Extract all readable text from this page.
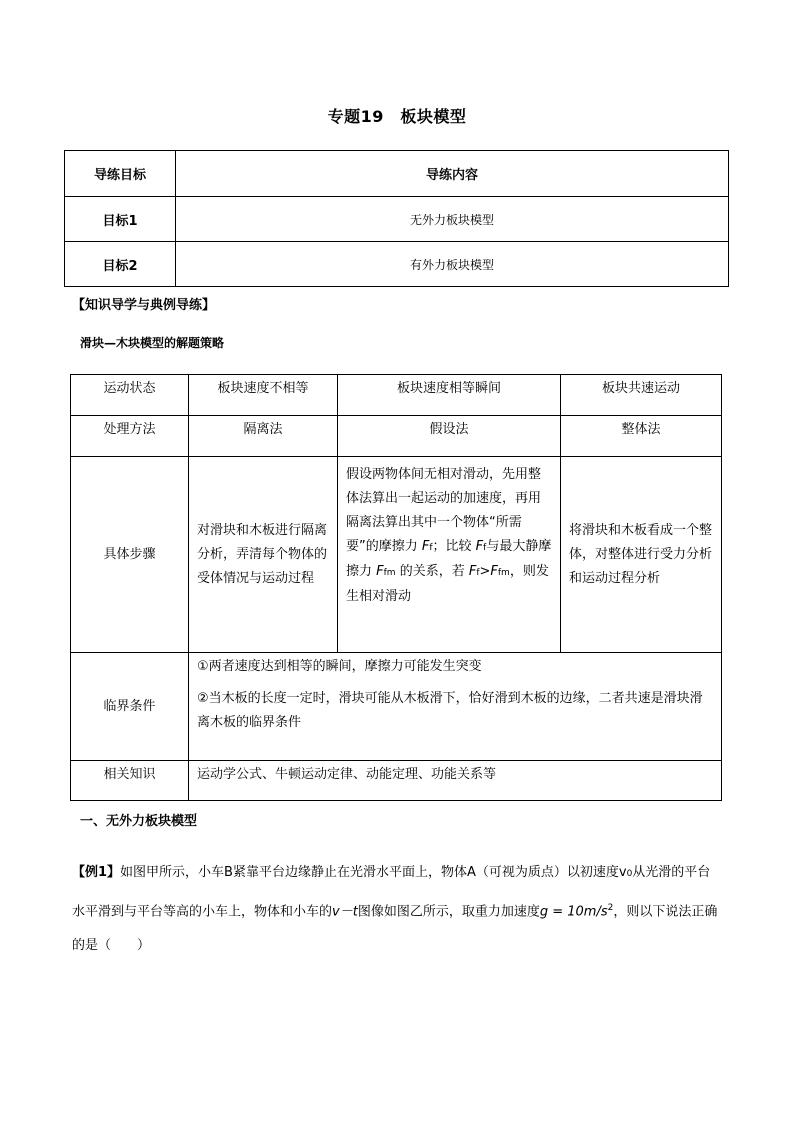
专题19　板块模型
导练目标	导练内容
目标1	无外力板块模型
目标2	有外力板块模型
【知识导学与典例导练】
滑块—木块模型的解题策略
运动状态	板块速度不相等	板块速度相等瞬间	板块共速运动
处理方法	隔离法	假设法	整体法
具体步骤	对滑块和木板进行隔离分析，弄清每个物体的受体情况与运动过程	假设两物体间无相对滑动，先用整体法算出一起运动的加速度，再用隔离法算出其中一个物体“所需要”的摩擦力 Ff；比较 Ff与最大静摩擦力 Ffm 的关系，若 Ff>Ffm，则发生相对滑动	将滑块和木板看成一个整体，对整体进行受力分析和运动过程分析
临界条件	①两者速度达到相等的瞬间，摩擦力可能发生突变
②当木板的长度一定时，滑块可能从木板滑下，恰好滑到木板的边缘，二者共速是滑块滑离木板的临界条件		

相关知识	运动学公式、牛顿运动定律、动能定理、功能关系等		
一、无外力板块模型
【例1】如图甲所示，小车B紧靠平台边缘静止在光滑水平面上，物体A（可视为质点）以初速度v0从光滑的平台水平滑到与平台等高的小车上，物体和小车的v－t图像如图乙所示，取重力加速度$g = 10m/s^2$，则以下说法正确的是（　　）
